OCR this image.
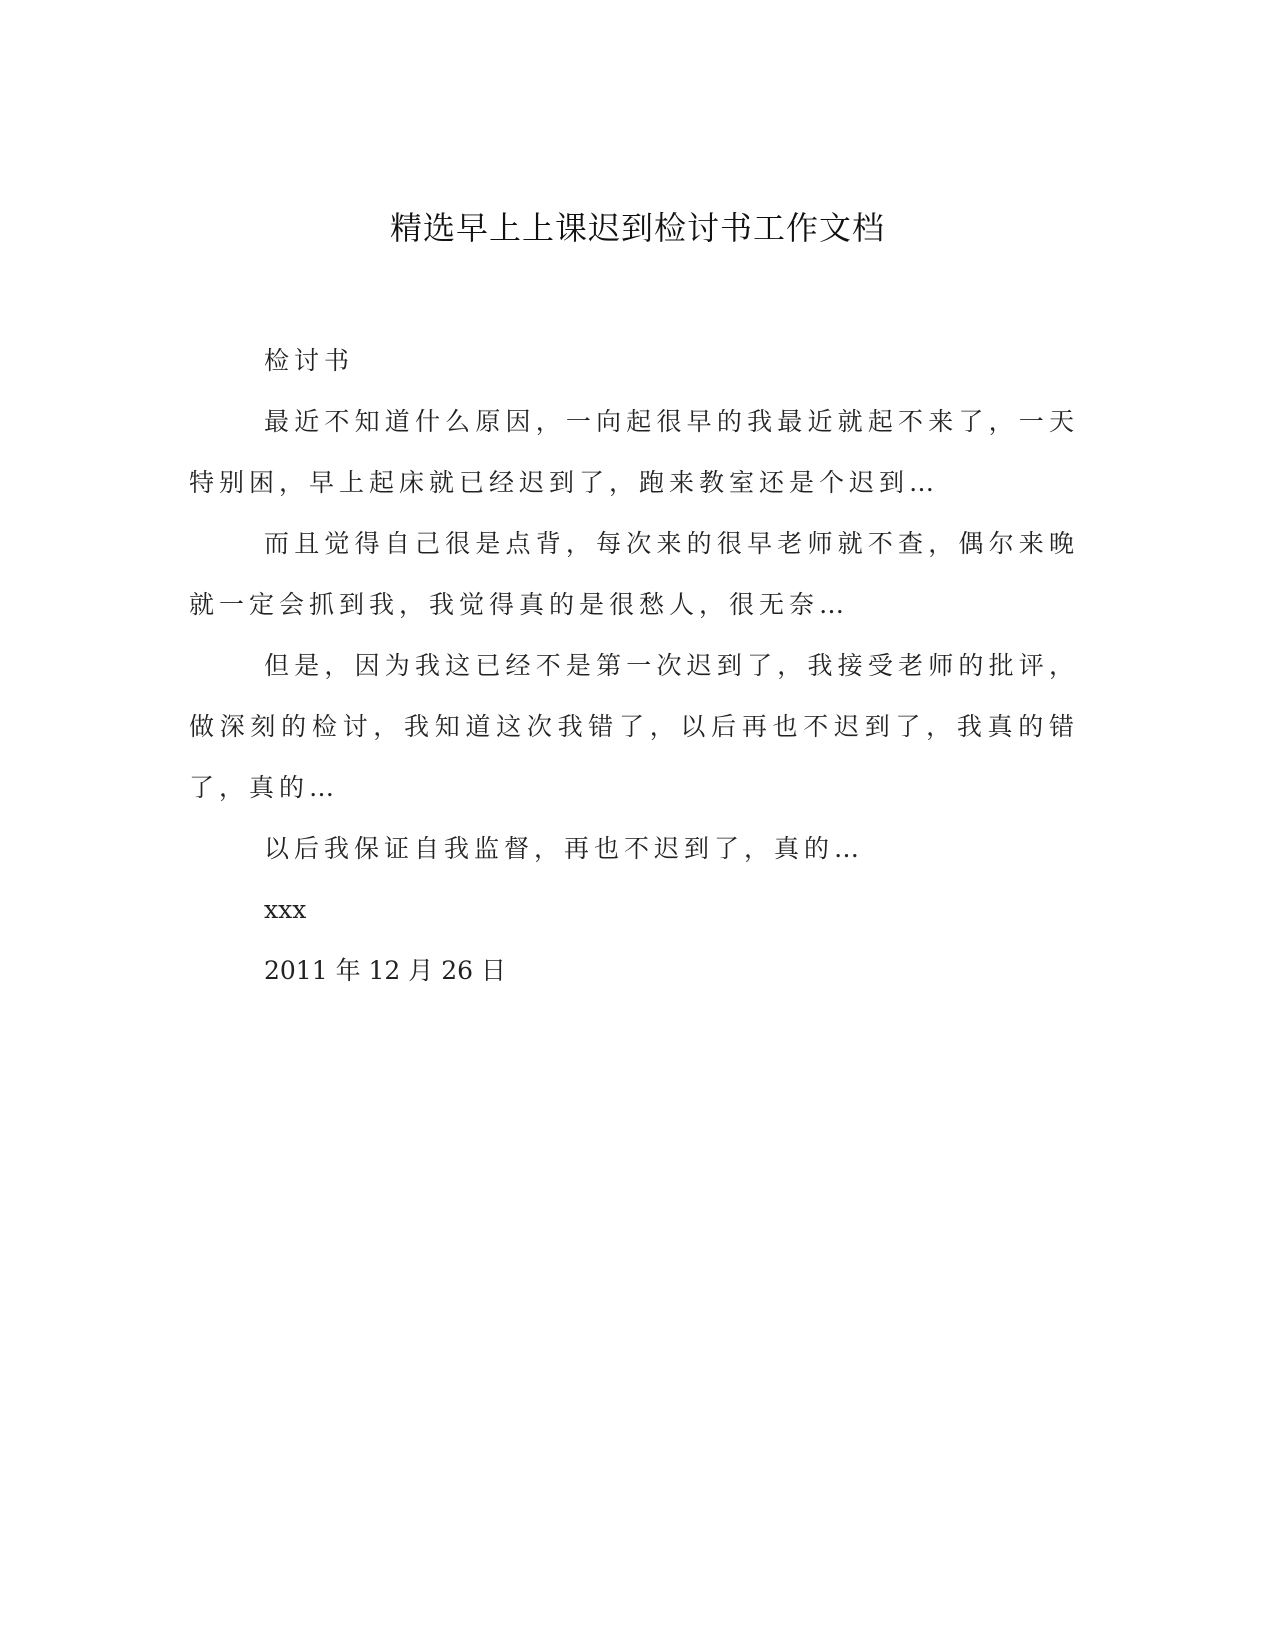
精选早上上课迟到检讨书工作文档

检讨书

最近不知道什么原因，一向起很早的我最近就起不来了，一天特别困，早上起床就已经迟到了，跑来教室还是个迟到…

而且觉得自己很是点背，每次来的很早老师就不查，偶尔来晚就一定会抓到我，我觉得真的是很愁人，很无奈…

但是，因为我这已经不是第一次迟到了，我接受老师的批评，做深刻的检讨，我知道这次我错了，以后再也不迟到了，我真的错了，真的…

以后我保证自我监督，再也不迟到了，真的…

xxx

2011 年 12 月 26 日
